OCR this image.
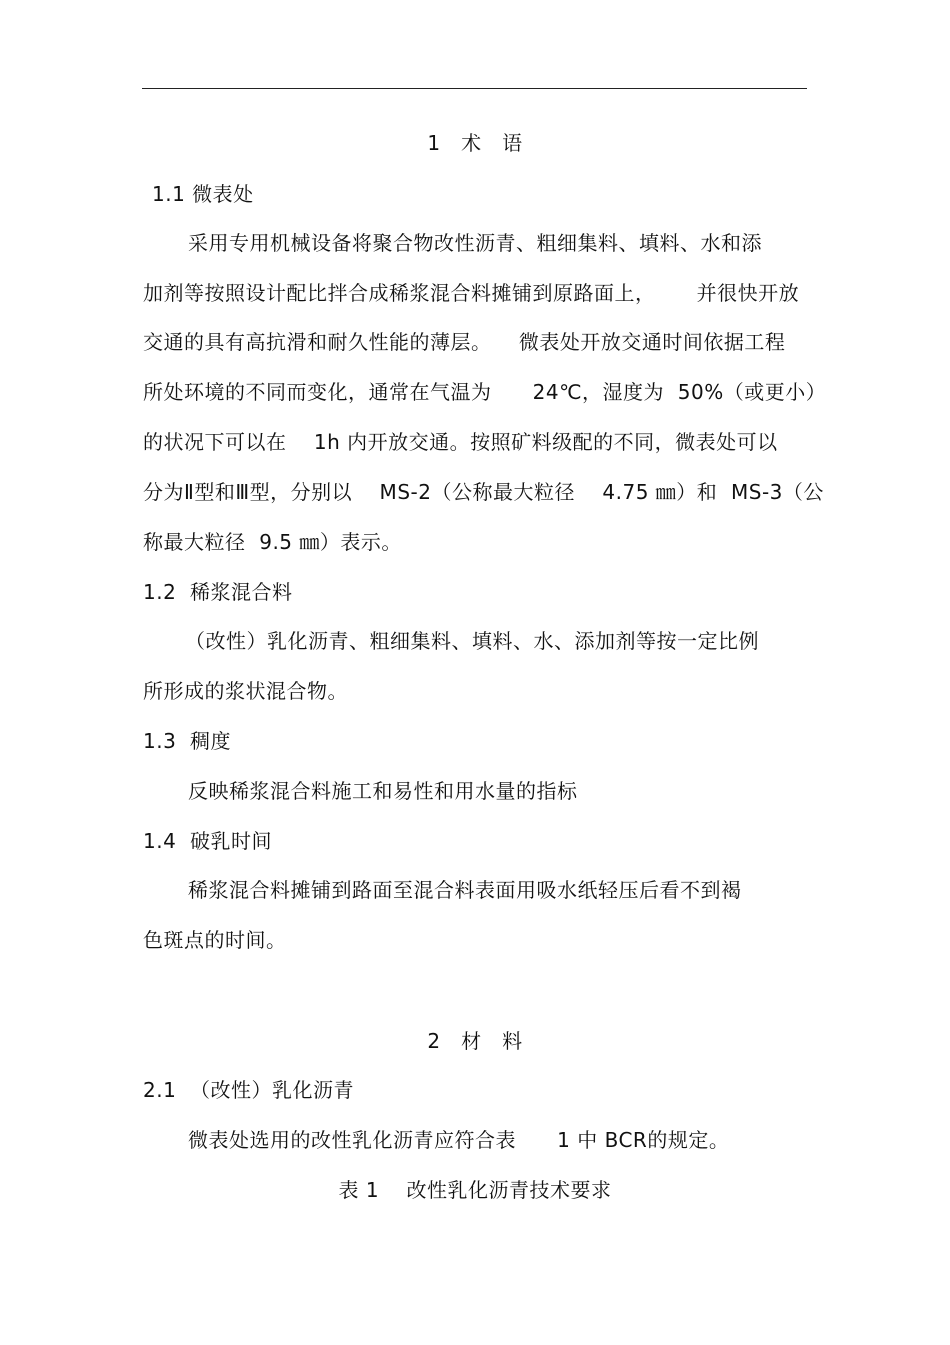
1   术   语
1.1 微表处
采用专用机械设备将聚合物改性沥青、粗细集料、填料、水和添
加剂等按照设计配比拌合成稀浆混合料摊铺到原路面上，      并很快开放
交通的具有高抗滑和耐久性能的薄层。    微表处开放交通时间依据工程
所处环境的不同而变化，通常在气温为      24℃，湿度为  50%（或更小）
的状况下可以在    1h 内开放交通。按照矿料级配的不同，微表处可以
分为Ⅱ型和Ⅲ型，分别以    MS-2（公称最大粒径    4.75 ㎜）和  MS-3（公
称最大粒径  9.5 ㎜）表示。
1.2  稀浆混合料
（改性）乳化沥青、粗细集料、填料、水、添加剂等按一定比例
所形成的浆状混合物。
1.3  稠度
反映稀浆混合料施工和易性和用水量的指标
1.4  破乳时间
稀浆混合料摊铺到路面至混合料表面用吸水纸轻压后看不到褐
色斑点的时间。
2   材   料
2.1  （改性）乳化沥青
微表处选用的改性乳化沥青应符合表      1 中 BCR的规定。
表 1    改性乳化沥青技术要求
